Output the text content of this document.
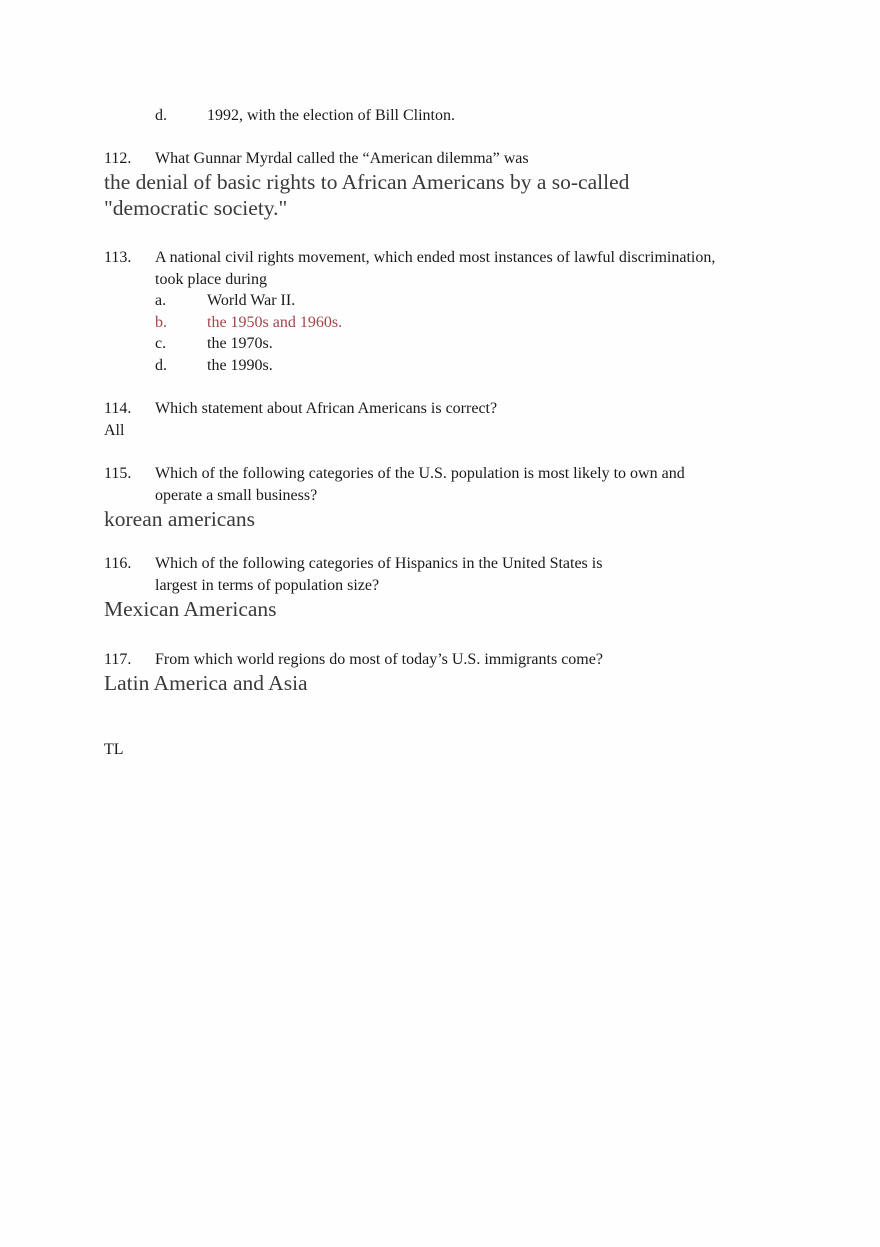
d.	1992, with the election of Bill Clinton.
112. What Gunnar Myrdal called the “American dilemma” was
the denial of basic rights to African Americans by a so-called
"democratic society."
113. A national civil rights movement, which ended most instances of lawful discrimination,
took place during
a.	World War II.
b.	the 1950s and 1960s.
c.	the 1970s.
d.	the 1990s.
114. Which statement about African Americans is correct?
All
115. Which of the following categories of the U.S. population is most likely to own and
operate a small business?
korean americans
116. Which of the following categories of Hispanics in the United States is
largest in terms of population size?
Mexican Americans
117. From which world regions do most of today’s U.S. immigrants come?
Latin America and Asia
TL
